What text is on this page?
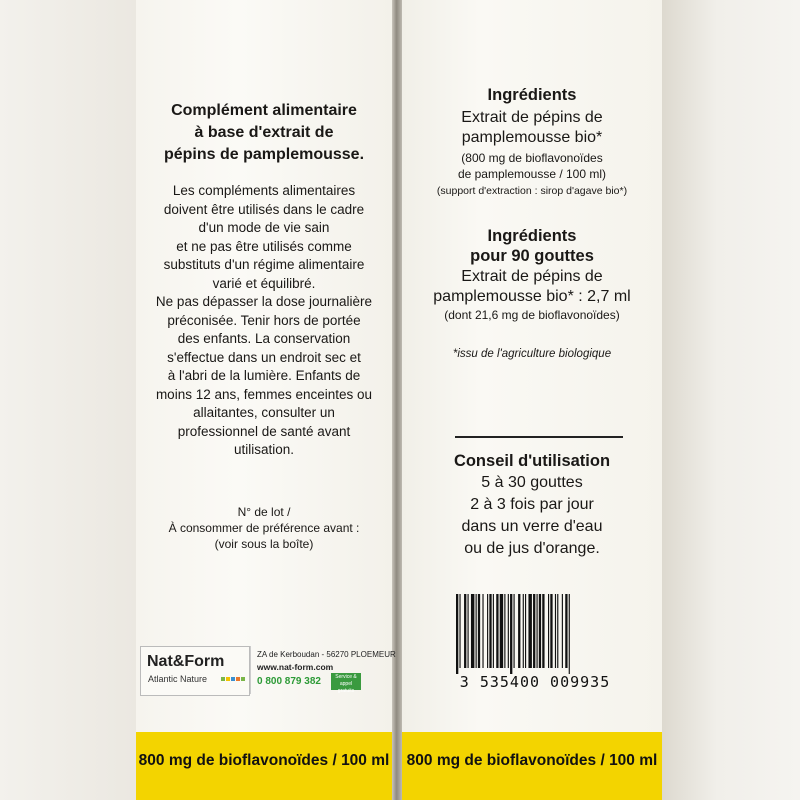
Complément alimentaire
à base d'extrait de
pépins de pamplemousse.
Les compléments alimentaires
doivent être utilisés dans le cadre
d'un mode de vie sain
et ne pas être utilisés comme
substituts d'un régime alimentaire
varié et équilibré.
Ne pas dépasser la dose journalière
préconisée. Tenir hors de portée
des enfants. La conservation
s'effectue dans un endroit sec et
à l'abri de la lumière. Enfants de
moins 12 ans, femmes enceintes ou
allaitantes, consulter un
professionnel de santé avant
utilisation.
N° de lot /
À consommer de préférence avant :
(voir sous la boîte)
Nat&Form
Atlantic Nature
ZA de Kerboudan - 56270 PLOEMEUR
www.nat-form.com
0 800 879 382	Service & appel gratuits
800 mg de bioflavonoïdes / 100 ml
Ingrédients
Extrait de pépins de
pamplemousse bio*
(800 mg de bioflavonoïdes
de pamplemousse / 100 ml)
(support d'extraction : sirop d'agave bio*)
Ingrédients
pour 90 gouttes
Extrait de pépins de
pamplemousse bio* : 2,7 ml
(dont 21,6 mg de bioflavonoïdes)
*issu de l'agriculture biologique
Conseil d'utilisation
5 à 30 gouttes
2 à 3 fois par jour
dans un verre d'eau
ou de jus d'orange.
3 535400 009935
800 mg de bioflavonoïdes / 100 ml
